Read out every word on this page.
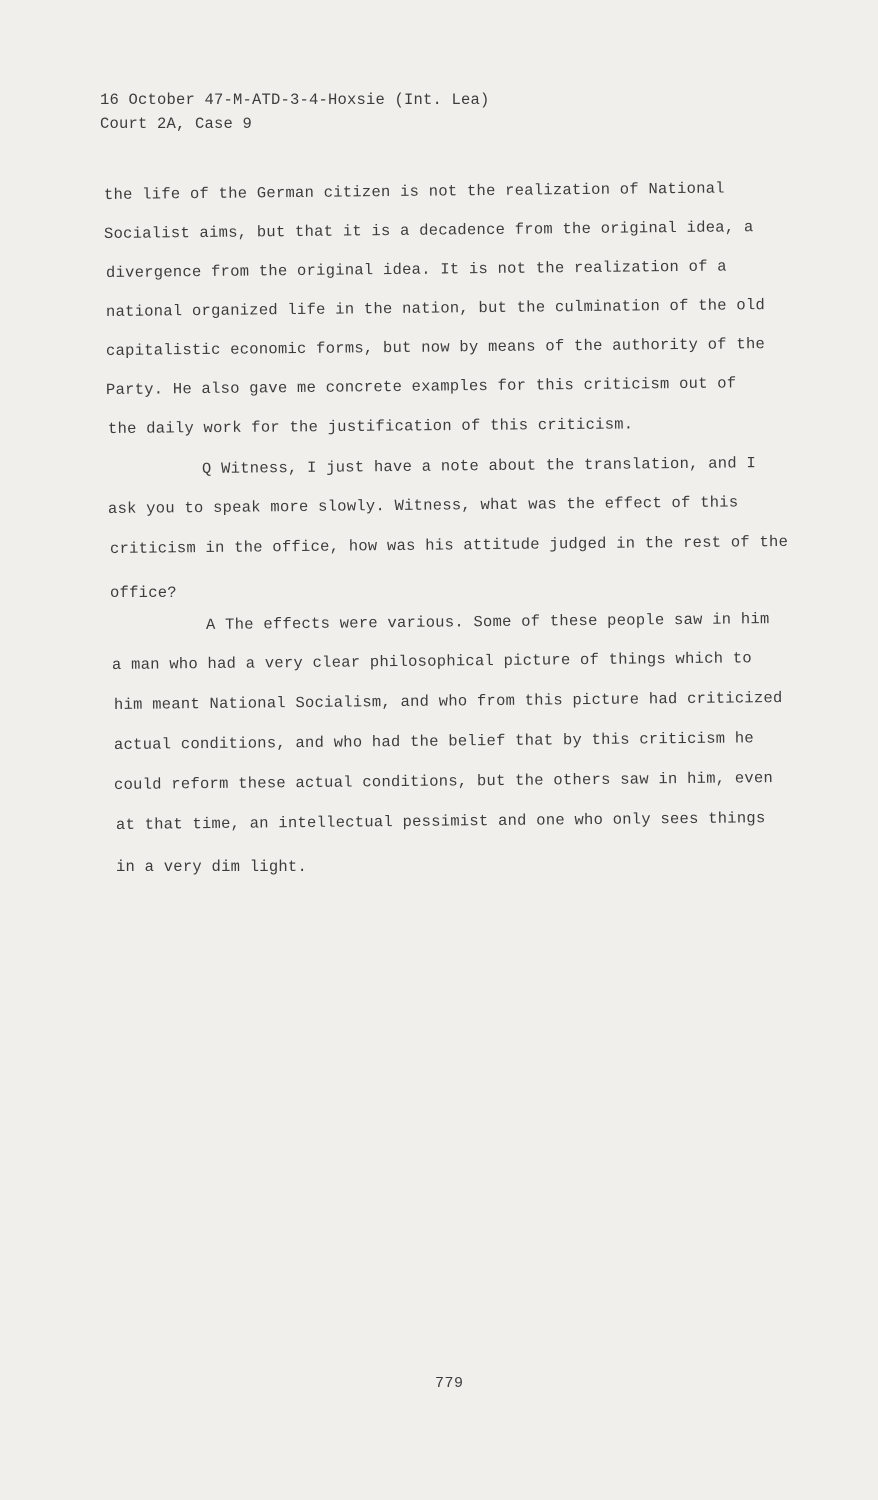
16 October 47-M-ATD-3-4-Hoxsie (Int. Lea)
Court 2A, Case 9
the life of the German citizen is not the realization of National
Socialist aims, but that it is a decadence from the original idea, a
divergence from the original idea. It is not the realization of a
national organized life in the nation, but the culmination of the old
capitalistic economic forms, but now by means of the authority of the
Party. He also gave me concrete examples for this criticism out of
the daily work for the justification of this criticism.
Q Witness, I just have a note about the translation, and I
ask you to speak more slowly. Witness, what was the effect of this
criticism in the office, how was his attitude judged in the rest of the
office?
A The effects were various. Some of these people saw in him
a man who had a very clear philosophical picture of things which to
him meant National Socialism, and who from this picture had criticized
actual conditions, and who had the belief that by this criticism he
could reform these actual conditions, but the others saw in him, even
at that time, an intellectual pessimist and one who only sees things
in a very dim light.
779
